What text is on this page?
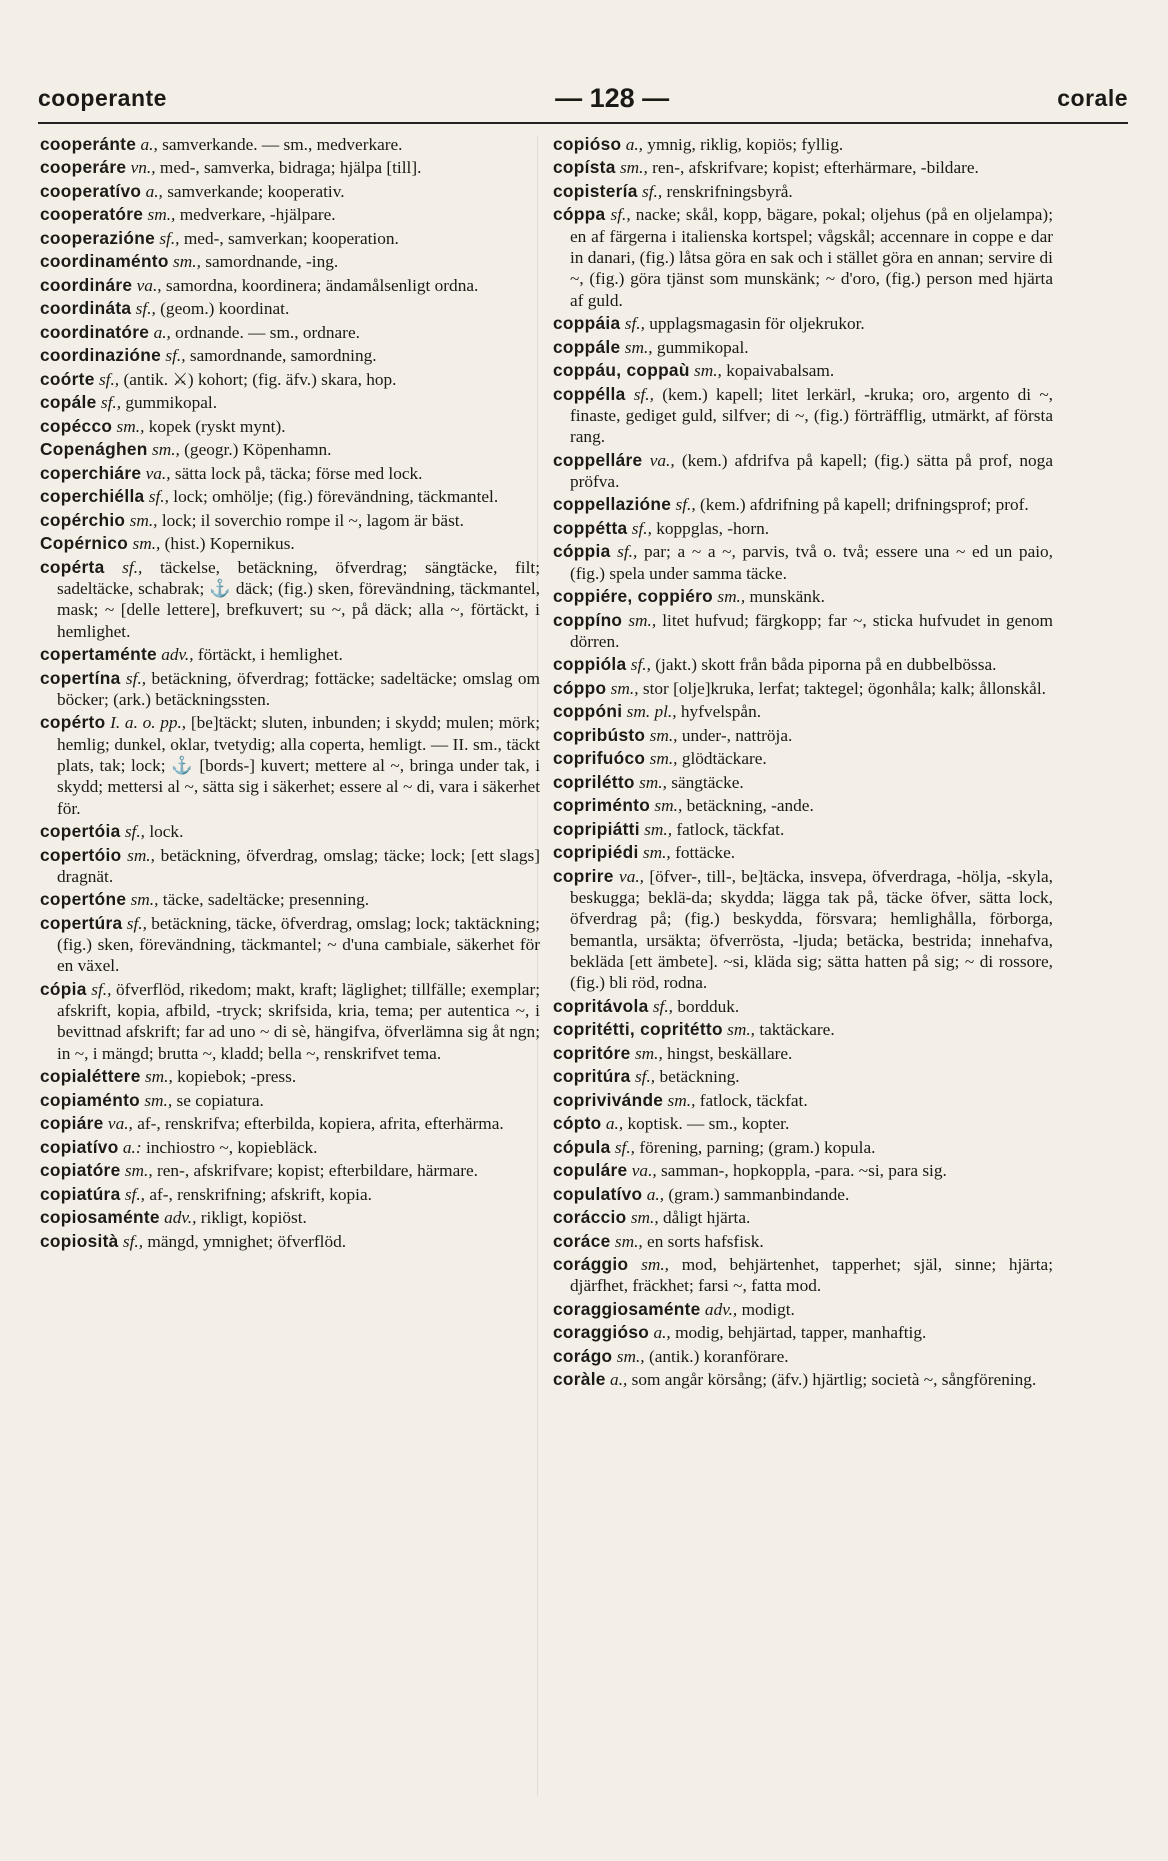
cooperante	— 128 —	corale

cooperánte a., samverkande. — sm., medverkare.

cooperáre vn., med-, samverka, bidraga; hjälpa [till].

cooperatívo a., samverkande; kooperativ.

cooperatóre sm., medverkare, -hjälpare.

cooperazióne sf., med-, samverkan; kooperation.

coordinaménto sm., samordnande, -ing.

coordináre va., samordna, koordinera; ändamålsenligt ordna.

coordináta sf., (geom.) koordinat.

coordinatóre a., ordnande. — sm., ordnare.

coordinazióne sf., samordnande, samordning.

coórte sf., (antik. ⚔) kohort; (fig. äfv.) skara, hop.

copále sf., gummikopal.

copécco sm., kopek (ryskt mynt).

Copenághen sm., (geogr.) Köpenhamn.

coperchiáre va., sätta lock på, täcka; förse med lock.

coperchiélla sf., lock; omhölje; (fig.) förevändning, täckmantel.

copérchio sm., lock; il soverchio rompe il ~, lagom är bäst.

Copérnico sm., (hist.) Kopernikus.

copérta sf., täckelse, betäckning, öfverdrag; sängtäcke, filt; sadeltäcke, schabrak; ⚓ däck; (fig.) sken, förevändning, täckmantel, mask; ~ [delle lettere], brefkuvert; su ~, på däck; alla ~, förtäckt, i hemlighet.

copertaménte adv., förtäckt, i hemlighet.

copertína sf., betäckning, öfverdrag; fottäcke; sadeltäcke; omslag om böcker; (ark.) betäckningssten.

copérto I. a. o. pp., [be]täckt; sluten, inbunden; i skydd; mulen; mörk; hemlig; dunkel, oklar, tvetydig; alla coperta, hemligt. — II. sm., täckt plats, tak; lock; ⚓ [bords-] kuvert; mettere al ~, bringa under tak, i skydd; mettersi al ~, sätta sig i säkerhet; essere al ~ di, vara i säkerhet för.

copertóia sf., lock.

copertóio sm., betäckning, öfverdrag, omslag; täcke; lock; [ett slags] dragnät.

copertóne sm., täcke, sadeltäcke; presenning.

copertúra sf., betäckning, täcke, öfverdrag, omslag; lock; taktäckning; (fig.) sken, förevändning, täckmantel; ~ d'una cambiale, säkerhet för en växel.

cópia sf., öfverflöd, rikedom; makt, kraft; läglighet; tillfälle; exemplar; afskrift, kopia, afbild, -tryck; skrifsida, kria, tema; per autentica ~, i bevittnad afskrift; far ad uno ~ di sè, hängifva, öfverlämna sig åt ngn; in ~, i mängd; brutta ~, kladd; bella ~, renskrifvet tema.

copialéttere sm., kopiebok; -press.

copiaménto sm., se copiatura.

copiáre va., af-, renskrifva; efterbilda, kopiera, afrita, efterhärma.

copiatívo a.: inchiostro ~, kopiebläck.

copiatóre sm., ren-, afskrifvare; kopist; efterbildare, härmare.

copiatúra sf., af-, renskrifning; afskrift, kopia.

copiosaménte adv., rikligt, kopiöst.

copiosità sf., mängd, ymnighet; öfverflöd.

copióso a., ymnig, riklig, kopiös; fyllig.

copísta sm., ren-, afskrifvare; kopist; efterhärmare, -bildare.

copistería sf., renskrifningsbyrå.

cóppa sf., nacke; skål, kopp, bägare, pokal; oljehus (på en oljelampa); en af färgerna i italienska kortspel; vågskål; accennare in coppe e dar in danari, (fig.) låtsa göra en sak och i stället göra en annan; servire di ~, (fig.) göra tjänst som munskänk; ~ d'oro, (fig.) person med hjärta af guld.

coppáia sf., upplagsmagasin för oljekrukor.

coppále sm., gummikopal.

coppáu, coppaù sm., kopaivabalsam.

coppélla sf., (kem.) kapell; litet lerkärl, -kruka; oro, argento di ~, finaste, gediget guld, silfver; di ~, (fig.) förträfflig, utmärkt, af första rang.

coppelláre va., (kem.) afdrifva på kapell; (fig.) sätta på prof, noga pröfva.

coppellazióne sf., (kem.) afdrifning på kapell; drifningsprof; prof.

coppétta sf., koppglas, -horn.

cóppia sf., par; a ~ a ~, parvis, två o. två; essere una ~ ed un paio, (fig.) spela under samma täcke.

coppiére, coppiéro sm., munskänk.

coppíno sm., litet hufvud; färgkopp; far ~, sticka hufvudet in genom dörren.

coppióla sf., (jakt.) skott från båda piporna på en dubbelbössa.

cóppo sm., stor [olje]kruka, lerfat; taktegel; ögonhåla; kalk; ållonskål.

coppóni sm. pl., hyfvelspån.

copribústo sm., under-, nattröja.

coprifuóco sm., glödtäckare.

coprilétto sm., sängtäcke.

copriménto sm., betäckning, -ande.

copripiátti sm., fatlock, täckfat.

copripiédi sm., fottäcke.

coprire va., [öfver-, till-, be]täcka, insvepa, öfverdraga, -hölja, -skyla, beskugga; beklä-da; skydda; lägga tak på, täcke öfver, sätta lock, öfverdrag på; (fig.) beskydda, försvara; hemlighålla, förborga, bemantla, ursäkta; öfverrösta, -ljuda; betäcka, bestrida; innehafva, bekläda [ett ämbete]. ~si, kläda sig; sätta hatten på sig; ~ di rossore, (fig.) bli röd, rodna.

copritávola sf., bordduk.

copritétti, copritétto sm., taktäckare.

copritóre sm., hingst, beskällare.

copritúra sf., betäckning.

coprivivánde sm., fatlock, täckfat.

cópto a., koptisk. — sm., kopter.

cópula sf., förening, parning; (gram.) kopula.

copuláre va., samman-, hopkoppla, -para. ~si, para sig.

copulatívo a., (gram.) sammanbindande.

coráccio sm., dåligt hjärta.

coráce sm., en sorts hafsfisk.

corággio sm., mod, behjärtenhet, tapperhet; själ, sinne; hjärta; djärfhet, fräckhet; farsi ~, fatta mod.

coraggiosaménte adv., modigt.

coraggióso a., modig, behjärtad, tapper, manhaftig.

corágo sm., (antik.) koranförare.

coràle a., som angår körsång; (äfv.) hjärtlig; società ~, sångförening.
